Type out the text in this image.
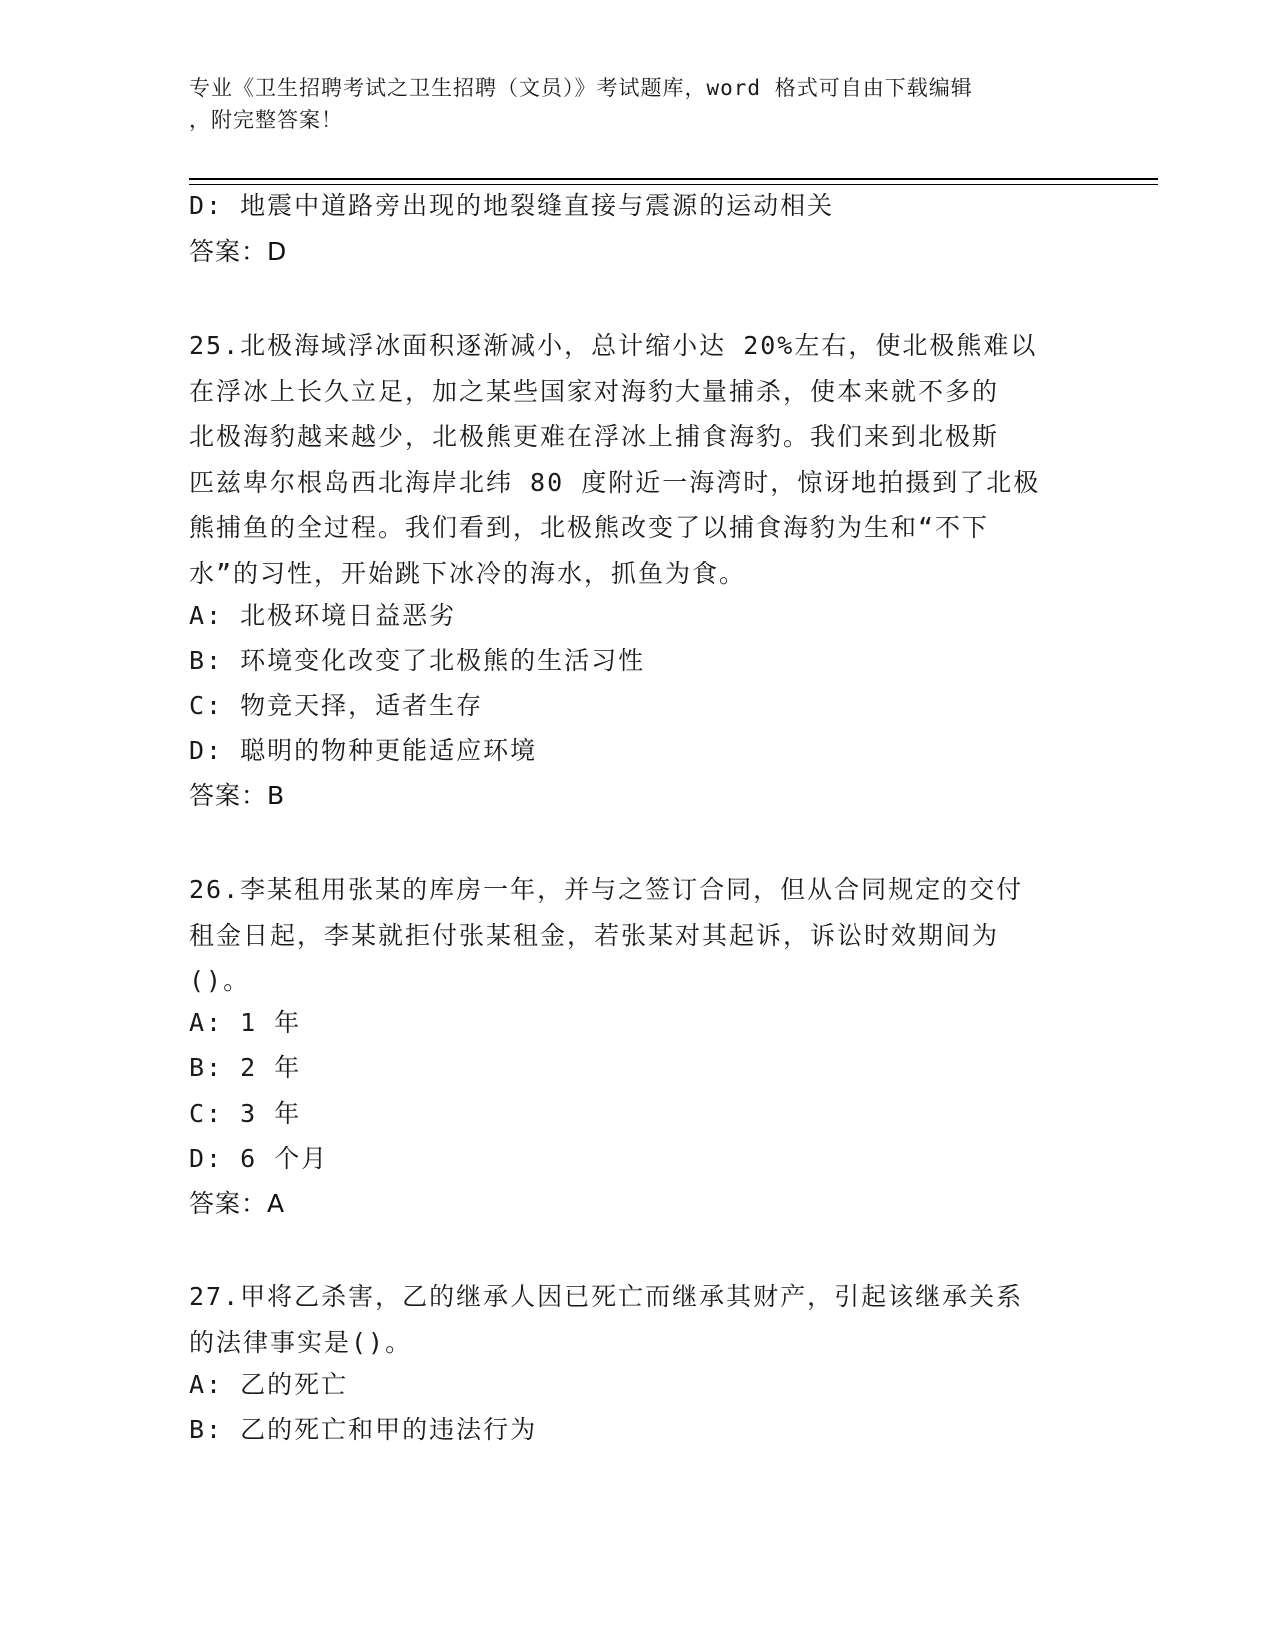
专业《卫生招聘考试之卫生招聘（文员）》考试题库，word 格式可自由下载编辑
，附完整答案！
D: 地震中道路旁出现的地裂缝直接与震源的运动相关
答案：D
25.北极海域浮冰面积逐渐减小，总计缩小达 20%左右，使北极熊难以
在浮冰上长久立足，加之某些国家对海豹大量捕杀，使本来就不多的
北极海豹越来越少，北极熊更难在浮冰上捕食海豹。我们来到北极斯
匹兹卑尔根岛西北海岸北纬 80 度附近一海湾时，惊讶地拍摄到了北极
熊捕鱼的全过程。我们看到，北极熊改变了以捕食海豹为生和“不下
水”的习性，开始跳下冰冷的海水，抓鱼为食。
A: 北极环境日益恶劣
B: 环境变化改变了北极熊的生活习性
C: 物竞天择，适者生存
D: 聪明的物种更能适应环境
答案：B
26.李某租用张某的库房一年，并与之签订合同，但从合同规定的交付
租金日起，李某就拒付张某租金，若张某对其起诉，诉讼时效期间为
()。
A: 1 年
B: 2 年
C: 3 年
D: 6 个月
答案：A
27.甲将乙杀害，乙的继承人因已死亡而继承其财产，引起该继承关系
的法律事实是()。
A: 乙的死亡
B: 乙的死亡和甲的违法行为
